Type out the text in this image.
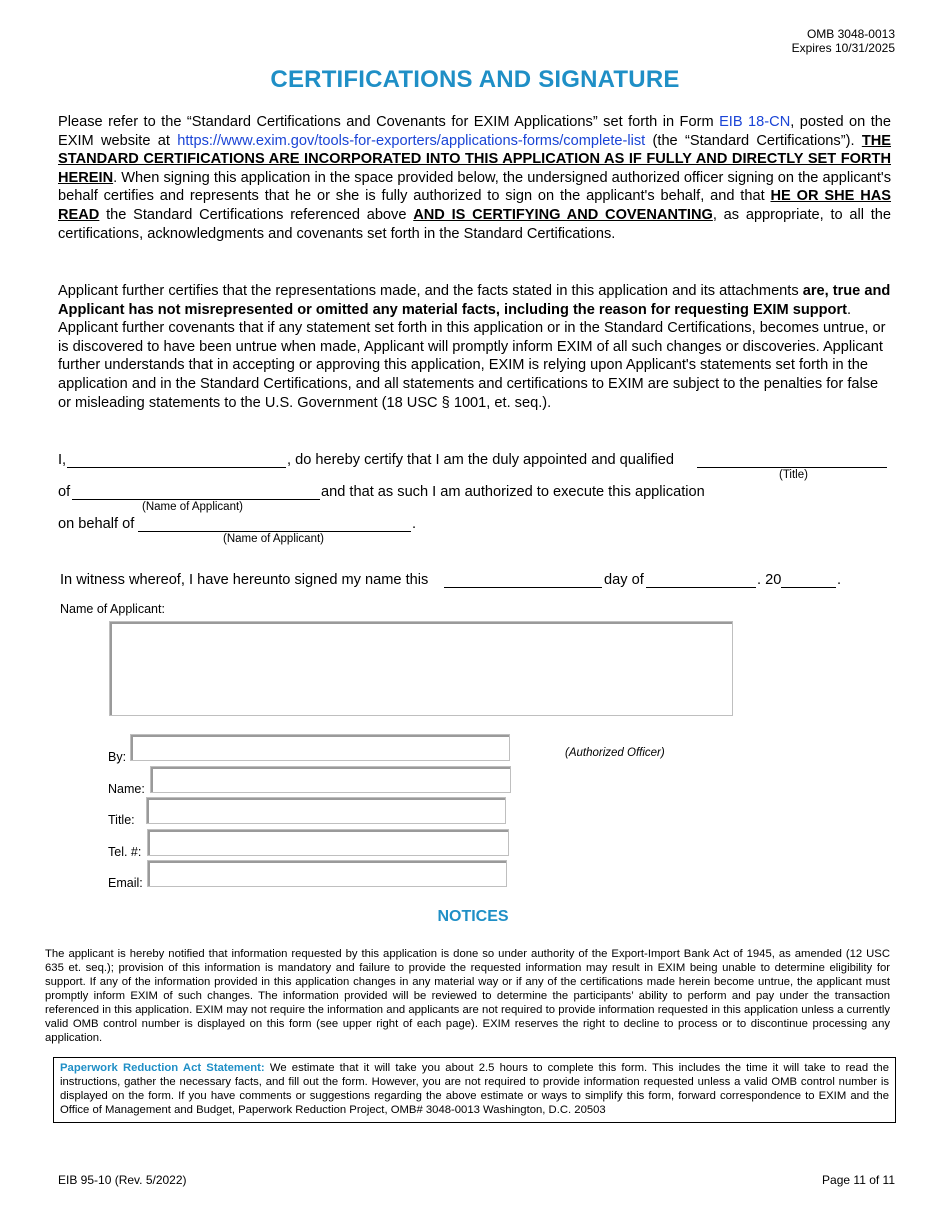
OMB 3048-0013
Expires 10/31/2025
CERTIFICATIONS AND SIGNATURE
Please refer to the “Standard Certifications and Covenants for EXIM Applications” set forth in Form EIB 18-CN, posted on the EXIM website at https://www.exim.gov/tools-for-exporters/applications-forms/complete-list (the “Standard Certifications”). THE STANDARD CERTIFICATIONS ARE INCORPORATED INTO THIS APPLICATION AS IF FULLY AND DIRECTLY SET FORTH HEREIN. When signing this application in the space provided below, the undersigned authorized officer signing on the applicant's behalf certifies and represents that he or she is fully authorized to sign on the applicant's behalf, and that HE OR SHE HAS READ the Standard Certifications referenced above AND IS CERTIFYING AND COVENANTING, as appropriate, to all the certifications, acknowledgments and covenants set forth in the Standard Certifications.
Applicant further certifies that the representations made, and the facts stated in this application and its attachments are, true and Applicant has not misrepresented or omitted any material facts, including the reason for requesting EXIM support. Applicant further covenants that if any statement set forth in this application or in the Standard Certifications, becomes untrue, or is discovered to have been untrue when made, Applicant will promptly inform EXIM of all such changes or discoveries. Applicant further understands that in accepting or approving this application, EXIM is relying upon Applicant's statements set forth in the application and in the Standard Certifications, and all statements and certifications to EXIM are subject to the penalties for false or misleading statements to the U.S. Government (18 USC § 1001, et. seq.).
I,	, do hereby certify that I am the duly appointed and qualified
(Title)
of	and that as such I am authorized to execute this application
(Name of Applicant)
on behalf of	.
(Name of Applicant)
In witness whereof, I have hereunto signed my name this	day of	. 20	.
Name of Applicant:
By:	(Authorized Officer)
Name:
Title:
Tel. #:
Email:
NOTICES
The applicant is hereby notified that information requested by this application is done so under authority of the Export-Import Bank Act of 1945, as amended (12 USC 635 et. seq.); provision of this information is mandatory and failure to provide the requested information may result in EXIM being unable to determine eligibility for support. If any of the information provided in this application changes in any material way or if any of the certifications made herein become untrue, the applicant must promptly inform EXIM of such changes. The information provided will be reviewed to determine the participants’ ability to perform and pay under the transaction referenced in this application. EXIM may not require the information and applicants are not required to provide information requested in this application unless a currently valid OMB control number is displayed on this form (see upper right of each page). EXIM reserves the right to decline to process or to discontinue processing any application.
Paperwork Reduction Act Statement: We estimate that it will take you about 2.5 hours to complete this form. This includes the time it will take to read the instructions, gather the necessary facts, and fill out the form. However, you are not required to provide information requested unless a valid OMB control number is displayed on the form. If you have comments or suggestions regarding the above estimate or ways to simplify this form, forward correspondence to EXIM and the Office of Management and Budget, Paperwork Reduction Project, OMB# 3048-0013 Washington, D.C. 20503
EIB 95-10 (Rev. 5/2022)	Page 11 of 11
